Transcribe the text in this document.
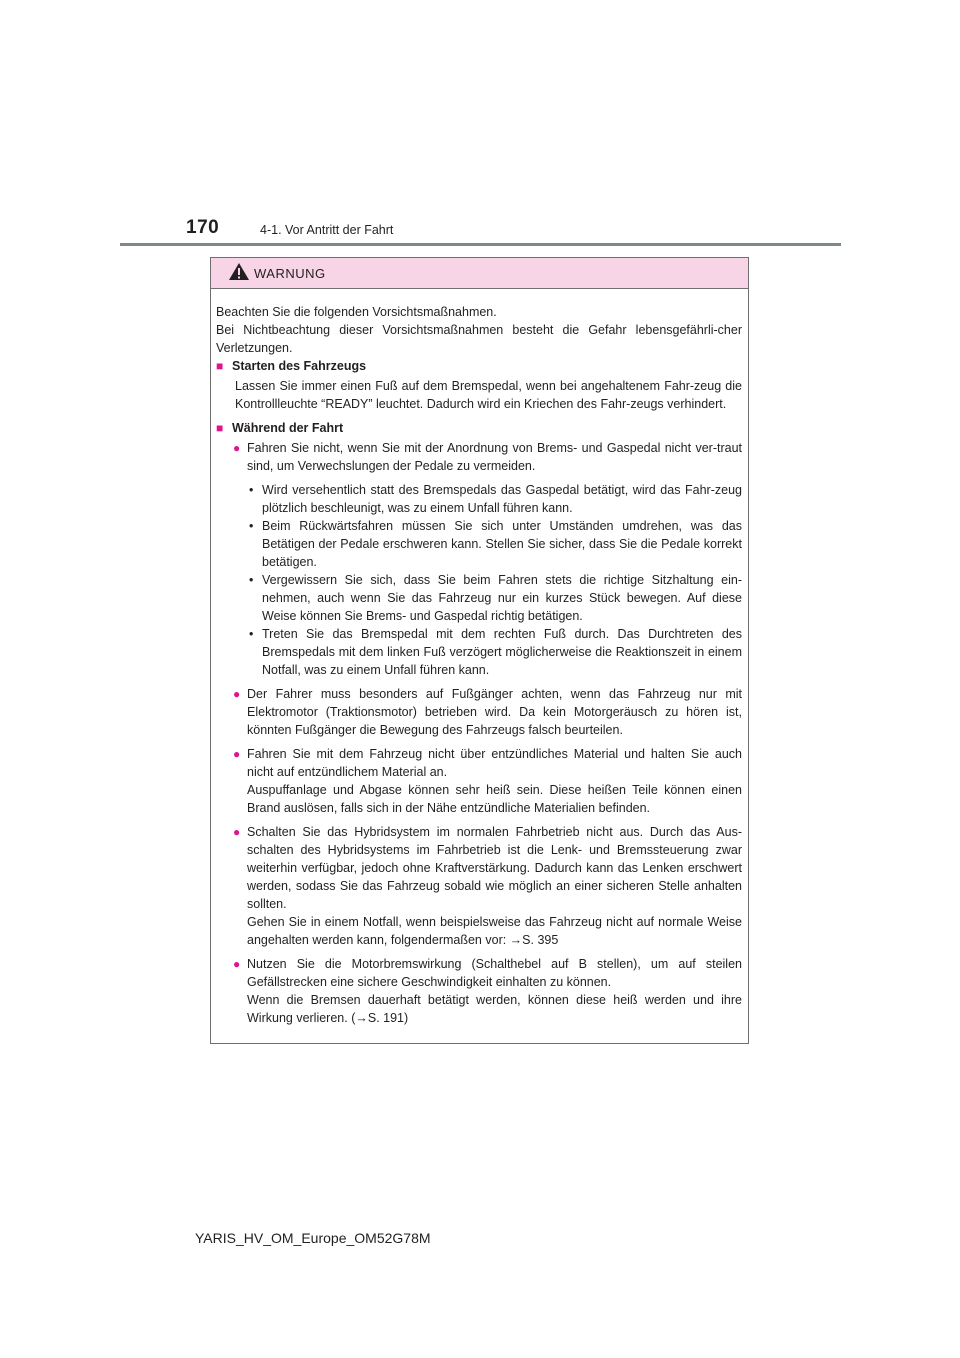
170	4-1. Vor Antritt der Fahrt
WARNUNG

Beachten Sie die folgenden Vorsichtsmaßnahmen.

Bei Nichtbeachtung dieser Vorsichtsmaßnahmen besteht die Gefahr lebensgefährli-cher Verletzungen.

■ Starten des Fahrzeugs

Lassen Sie immer einen Fuß auf dem Bremspedal, wenn bei angehaltenem Fahr-zeug die Kontrollleuchte “READY” leuchtet. Dadurch wird ein Kriechen des Fahr-zeugs verhindert.

■ Während der Fahrt
● Fahren Sie nicht, wenn Sie mit der Anordnung von Brems- und Gaspedal nicht ver-traut sind, um Verwechslungen der Pedale zu vermeiden.

• Wird versehentlich statt des Bremspedals das Gaspedal betätigt, wird das Fahr-zeug plötzlich beschleunigt, was zu einem Unfall führen kann.
• Beim Rückwärtsfahren müssen Sie sich unter Umständen umdrehen, was das Betätigen der Pedale erschweren kann. Stellen Sie sicher, dass Sie die Pedale korrekt betätigen.
• Vergewissern Sie sich, dass Sie beim Fahren stets die richtige Sitzhaltung ein-nehmen, auch wenn Sie das Fahrzeug nur ein kurzes Stück bewegen. Auf diese Weise können Sie Brems- und Gaspedal richtig betätigen.
• Treten Sie das Bremspedal mit dem rechten Fuß durch. Das Durchtreten des Bremspedals mit dem linken Fuß verzögert möglicherweise die Reaktionszeit in einem Notfall, was zu einem Unfall führen kann.
● Der Fahrer muss besonders auf Fußgänger achten, wenn das Fahrzeug nur mit Elektromotor (Traktionsmotor) betrieben wird. Da kein Motorgeräusch zu hören ist, könnten Fußgänger die Bewegung des Fahrzeugs falsch beurteilen.

● Fahren Sie mit dem Fahrzeug nicht über entzündliches Material und halten Sie auch nicht auf entzündlichem Material an.

Auspuffanlage und Abgase können sehr heiß sein. Diese heißen Teile können einen Brand auslösen, falls sich in der Nähe entzündliche Materialien befinden.

● Schalten Sie das Hybridsystem im normalen Fahrbetrieb nicht aus. Durch das Aus-schalten des Hybridsystems im Fahrbetrieb ist die Lenk- und Bremssteuerung zwar weiterhin verfügbar, jedoch ohne Kraftverstärkung. Dadurch kann das Lenken erschwert werden, sodass Sie das Fahrzeug sobald wie möglich an einer sicheren Stelle anhalten sollten.

Gehen Sie in einem Notfall, wenn beispielsweise das Fahrzeug nicht auf normale Weise angehalten werden kann, folgendermaßen vor: →S. 395

● Nutzen Sie die Motorbremswirkung (Schalthebel auf B stellen), um auf steilen Gefällstrecken eine sichere Geschwindigkeit einhalten zu können.

Wenn die Bremsen dauerhaft betätigt werden, können diese heiß werden und ihre Wirkung verlieren. (→S. 191)

YARIS_HV_OM_Europe_OM52G78M
